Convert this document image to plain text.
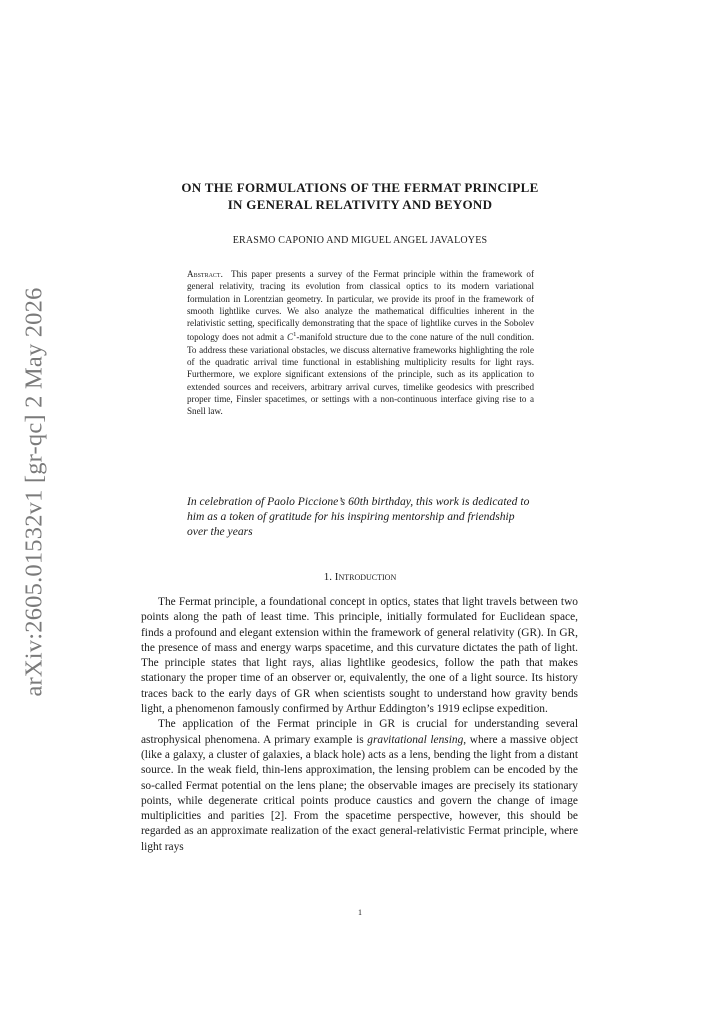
arXiv:2605.01532v1 [gr-qc] 2 May 2026
ON THE FORMULATIONS OF THE FERMAT PRINCIPLE
IN GENERAL RELATIVITY AND BEYOND
ERASMO CAPONIO AND MIGUEL ANGEL JAVALOYES
Abstract. This paper presents a survey of the Fermat principle within the framework of general relativity, tracing its evolution from classical optics to its modern variational formulation in Lorentzian geometry. In particular, we provide its proof in the framework of smooth lightlike curves. We also analyze the mathematical difficulties inherent in the relativistic setting, specifically demonstrating that the space of lightlike curves in the Sobolev topology does not admit a $C^1$-manifold structure due to the cone nature of the null condition. To address these variational obstacles, we discuss alternative frameworks highlighting the role of the quadratic arrival time functional in establishing multiplicity results for light rays. Furthermore, we explore significant extensions of the principle, such as its application to extended sources and receivers, arbitrary arrival curves, timelike geodesics with prescribed proper time, Finsler spacetimes, or settings with a non-continuous interface giving rise to a Snell law.
In celebration of Paolo Piccione’s 60th birthday, this work is dedicated to him as a token of gratitude for his inspiring mentorship and friendship over the years
1. Introduction

The Fermat principle, a foundational concept in optics, states that light travels between two points along the path of least time. This principle, initially formulated for Euclidean space, finds a profound and elegant extension within the framework of general relativity (GR). In GR, the presence of mass and energy warps spacetime, and this curvature dictates the path of light. The principle states that light rays, alias lightlike geodesics, follow the path that makes stationary the proper time of an observer or, equivalently, the one of a light source. Its history traces back to the early days of GR when scientists sought to understand how gravity bends light, a phenomenon famously confirmed by Arthur Eddington’s 1919 eclipse expedition.

The application of the Fermat principle in GR is crucial for understanding several astrophysical phenomena. A primary example is gravitational lensing, where a massive object (like a galaxy, a cluster of galaxies, a black hole) acts as a lens, bending the light from a distant source. In the weak field, thin-lens approximation, the lensing problem can be encoded by the so-called Fermat potential on the lens plane; the observable images are precisely its stationary points, while degenerate critical points produce caustics and govern the change of image multiplicities and parities [2]. From the spacetime perspective, however, this should be regarded as an approximate realization of the exact general-relativistic Fermat principle, where light rays

1
